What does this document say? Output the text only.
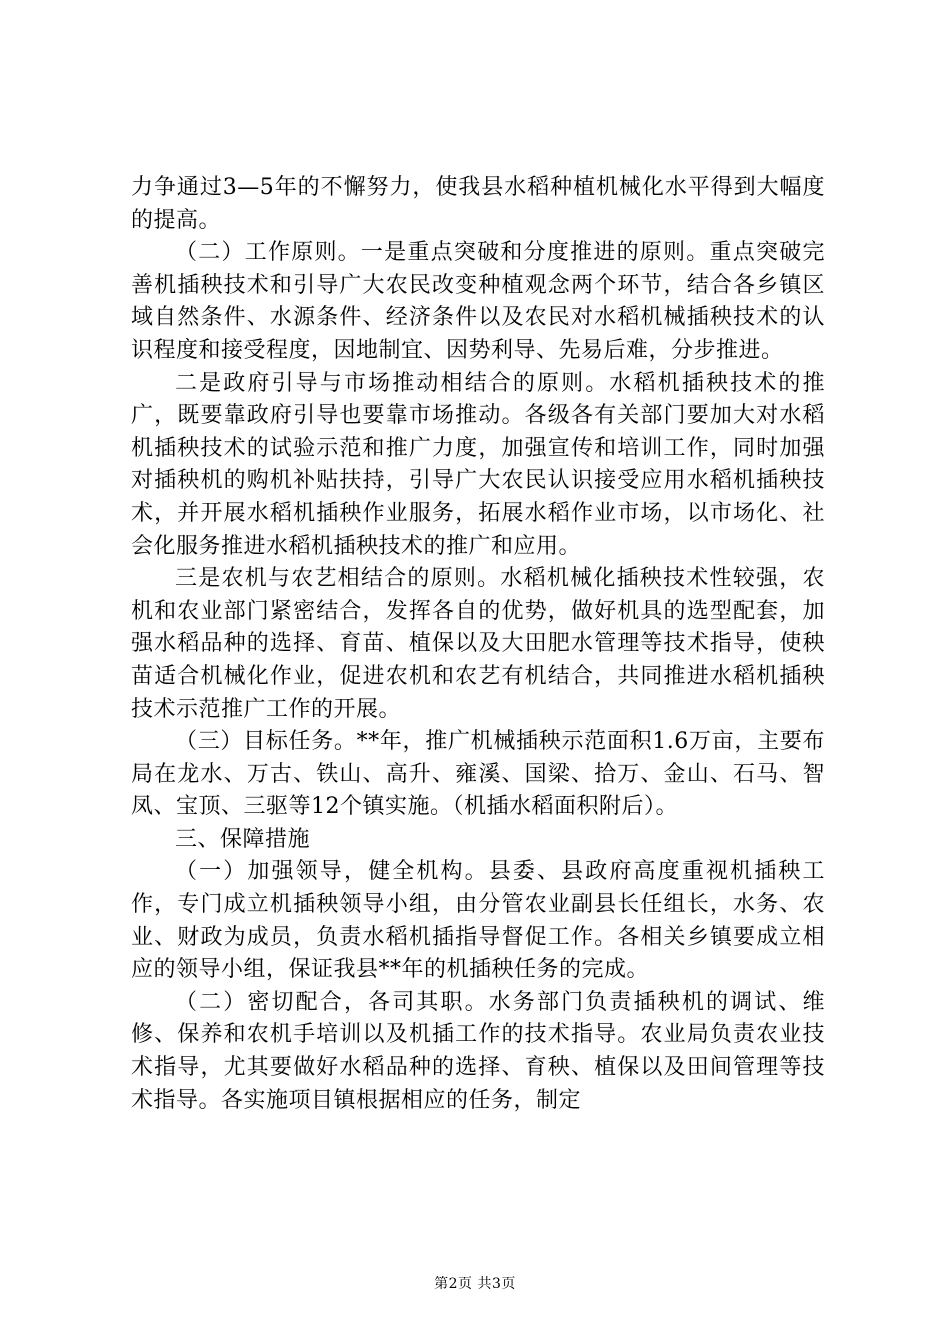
力争通过3—5年的不懈努力，使我县水稻种植机械化水平得到大幅度的提高。

（二）工作原则。一是重点突破和分度推进的原则。重点突破完善机插秧技术和引导广大农民改变种植观念两个环节，结合各乡镇区域自然条件、水源条件、经济条件以及农民对水稻机械插秧技术的认识程度和接受程度，因地制宜、因势利导、先易后难，分步推进。

二是政府引导与市场推动相结合的原则。水稻机插秧技术的推广，既要靠政府引导也要靠市场推动。各级各有关部门要加大对水稻机插秧技术的试验示范和推广力度，加强宣传和培训工作，同时加强对插秧机的购机补贴扶持，引导广大农民认识接受应用水稻机插秧技术，并开展水稻机插秧作业服务，拓展水稻作业市场，以市场化、社会化服务推进水稻机插秧技术的推广和应用。

三是农机与农艺相结合的原则。水稻机械化插秧技术性较强，农机和农业部门紧密结合，发挥各自的优势，做好机具的选型配套，加强水稻品种的选择、育苗、植保以及大田肥水管理等技术指导，使秧苗适合机械化作业，促进农机和农艺有机结合，共同推进水稻机插秧技术示范推广工作的开展。

（三）目标任务。**年，推广机械插秧示范面积1.6万亩，主要布局在龙水、万古、铁山、高升、雍溪、国梁、拾万、金山、石马、智凤、宝顶、三驱等12个镇实施。（机插水稻面积附后）。

三、保障措施

（一）加强领导，健全机构。县委、县政府高度重视机插秧工作，专门成立机插秧领导小组，由分管农业副县长任组长，水务、农业、财政为成员，负责水稻机插指导督促工作。各相关乡镇要成立相应的领导小组，保证我县**年的机插秧任务的完成。

（二）密切配合，各司其职。水务部门负责插秧机的调试、维修、保养和农机手培训以及机插工作的技术指导。农业局负责农业技术指导，尤其要做好水稻品种的选择、育秧、植保以及田间管理等技术指导。各实施项目镇根据相应的任务，制定

第2页 共3页
